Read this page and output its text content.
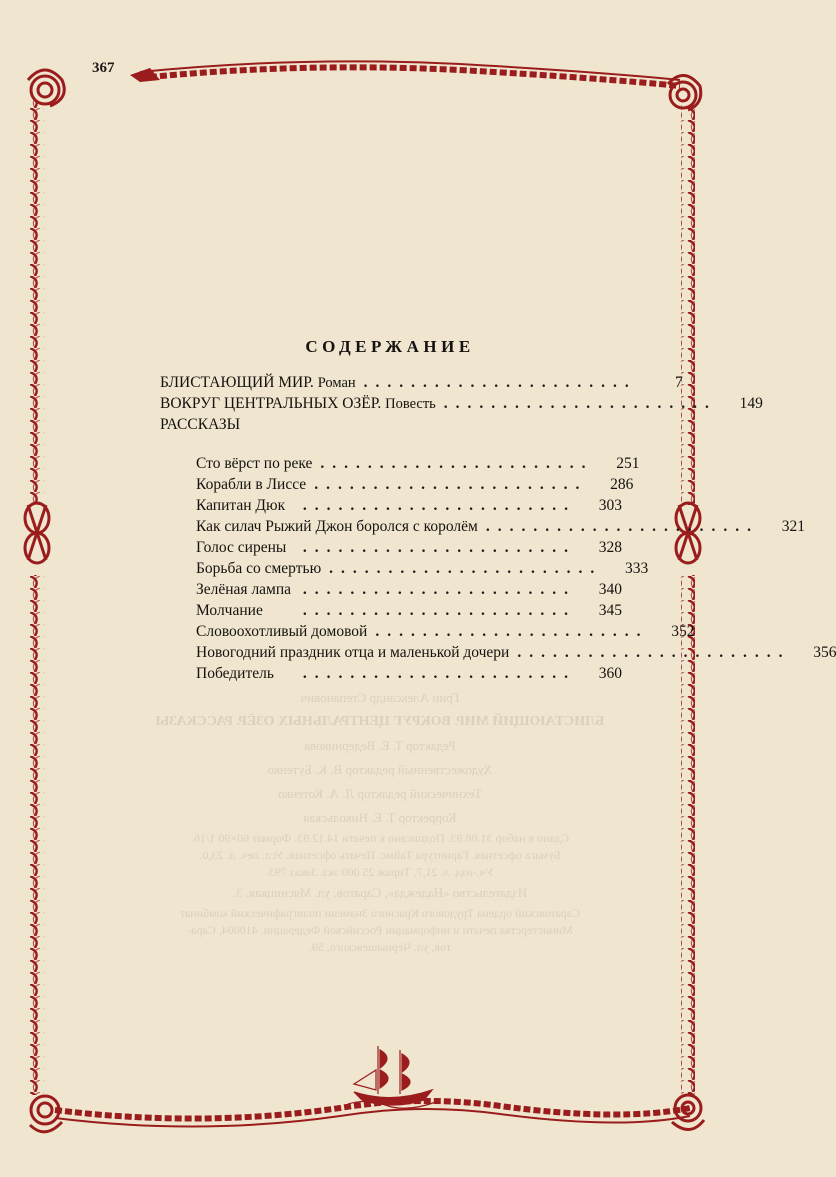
367
СОДЕРЖАНИЕ
БЛИСТАЮЩИЙ МИР. Роман .......................	7
ВОКРУГ ЦЕНТРАЛЬНЫХ ОЗЁР. Повесть .......................	149
РАССКАЗЫ
Сто вёрст по реке .......................	251
Корабли в Лиссе .......................	286
Капитан Дюк	.......................	303
Как силач Рыжий Джон боролся с королём .......................	321
Голос сирены	.......................	328
Борьба со смертью .......................	333
Зелёная лампа .......................	340
Молчание	.......................	345
Словоохотливый домовой .......................	352
Новогодний праздник отца и маленькой дочери .......................	356
Победитель	.......................	360
Грин Александр Степанович
БЛИСТАЮЩИЙ МИР. ВОКРУГ ЦЕНТРАЛЬНЫХ ОЗЁР. РАССКАЗЫ
Редактор Т. Е. Ведерникова
Художественный редактор В. К. Бутенко
Технический редактор Л. А. Котенко
Корректор Т. Е. Никольская
Сдано в набор 31.08.93. Подписано к печати 14.12.93. Формат 60×90 1/16.
Бумага офсетная. Гарнитура Таймс. Печать офсетная. Усл. печ. л. 23,0.
Уч.-изд. л. 21,7. Тираж 25 000 экз. Заказ 793.
Издательство «Надежда», Саратов, ул. Мясницкая, 3.
Саратовский ордена Трудового Красного Знамени полиграфический комбинат
Министерства печати и информации Российской Федерации. 410004, Сара-
тов, ул. Чернышевского, 59.
